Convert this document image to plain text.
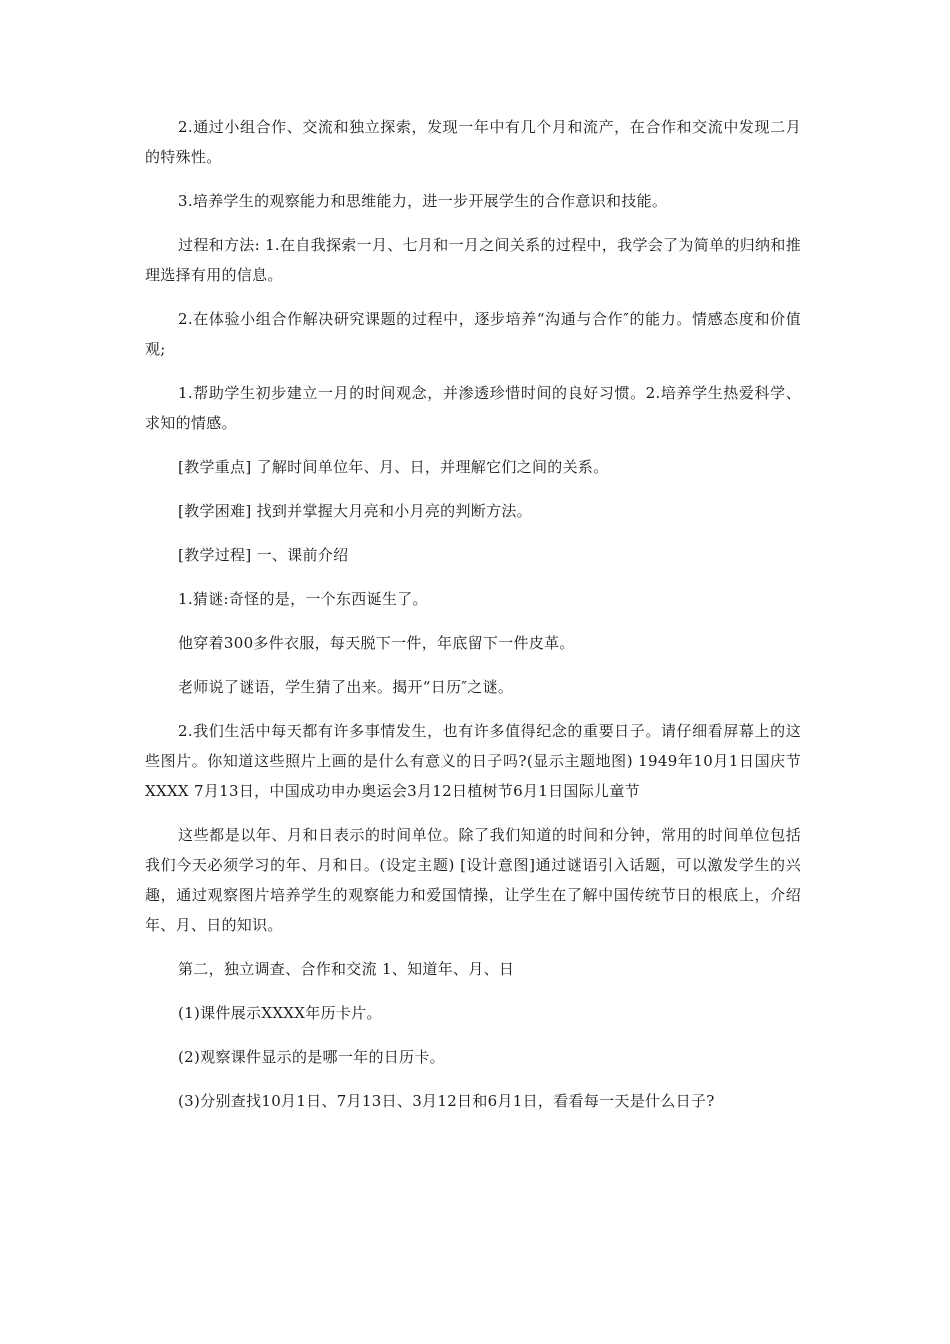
2.通过小组合作、交流和独立探索，发现一年中有几个月和流产，在合作和交流中发现二月的特殊性。

3.培养学生的观察能力和思维能力，进一步开展学生的合作意识和技能。

过程和方法: 1.在自我探索一月、七月和一月之间关系的过程中，我学会了为简单的归纳和推理选择有用的信息。

2.在体验小组合作解决研究课题的过程中，逐步培养“沟通与合作″的能力。情感态度和价值观;

1.帮助学生初步建立一月的时间观念，并渗透珍惜时间的良好习惯。2.培养学生热爱科学、求知的情感。

[教学重点] 了解时间单位年、月、日，并理解它们之间的关系。

[教学困难] 找到并掌握大月亮和小月亮的判断方法。

[教学过程] 一、课前介绍

1.猜谜:奇怪的是，一个东西诞生了。

他穿着300多件衣服，每天脱下一件，年底留下一件皮革。

老师说了谜语，学生猜了出来。揭开“日历″之谜。

2.我们生活中每天都有许多事情发生，也有许多值得纪念的重要日子。请仔细看屏幕上的这些图片。你知道这些照片上画的是什么有意义的日子吗?(显示主题地图) 1949年10月1日国庆节XXXX 7月13日，中国成功申办奥运会3月12日植树节6月1日国际儿童节

这些都是以年、月和日表示的时间单位。除了我们知道的时间和分钟，常用的时间单位包括我们今天必须学习的年、月和日。(设定主题) [设计意图]通过谜语引入话题，可以激发学生的兴趣，通过观察图片培养学生的观察能力和爱国情操，让学生在了解中国传统节日的根底上，介绍年、月、日的知识。

第二，独立调查、合作和交流 1、知道年、月、日

(1)课件展示XXXX年历卡片。

(2)观察课件显示的是哪一年的日历卡。

(3)分别查找10月1日、7月13日、3月12日和6月1日，看看每一天是什么日子?
